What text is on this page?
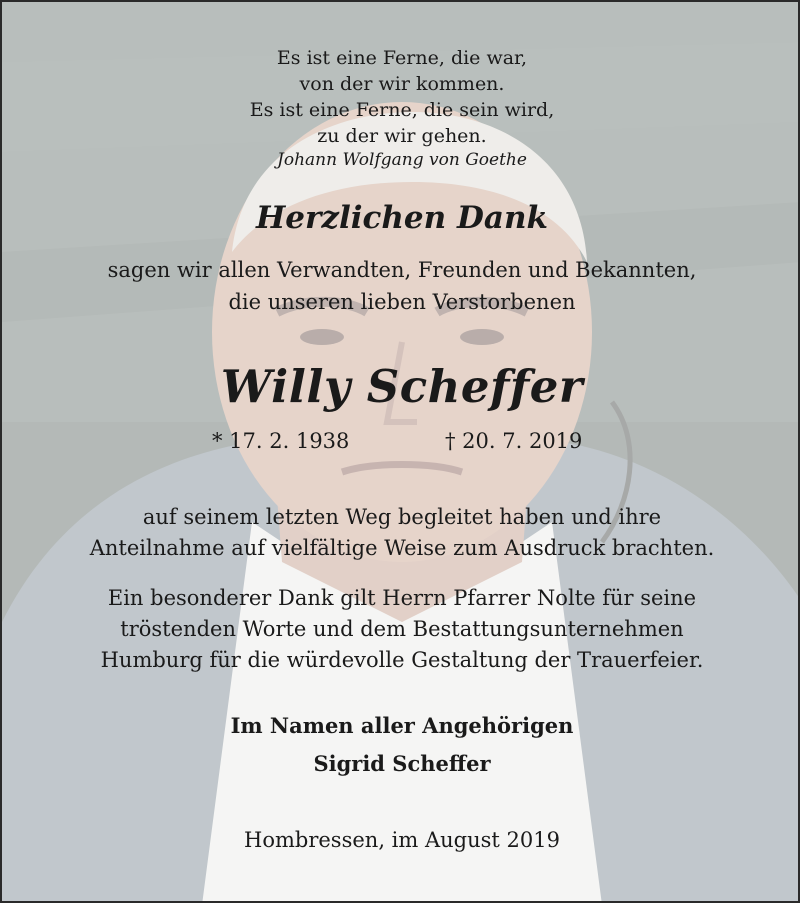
Es ist eine Ferne, die war,
von der wir kommen.
Es ist eine Ferne, die sein wird,
zu der wir gehen.
Johann Wolfgang von Goethe
Herzlichen Dank
sagen wir allen Verwandten, Freunden und Bekannten,
die unseren lieben Verstorbenen
Willy Scheffer
* 17. 2. 1938	† 20. 7. 2019
auf seinem letzten Weg begleitet haben und ihre
Anteilnahme auf vielfältige Weise zum Ausdruck brachten.
Ein besonderer Dank gilt Herrn Pfarrer Nolte für seine
tröstenden Worte und dem Bestattungsunternehmen
Humburg für die würdevolle Gestaltung der Trauerfeier.
Im Namen aller Angehörigen
Sigrid Scheffer
Hombressen, im August 2019
